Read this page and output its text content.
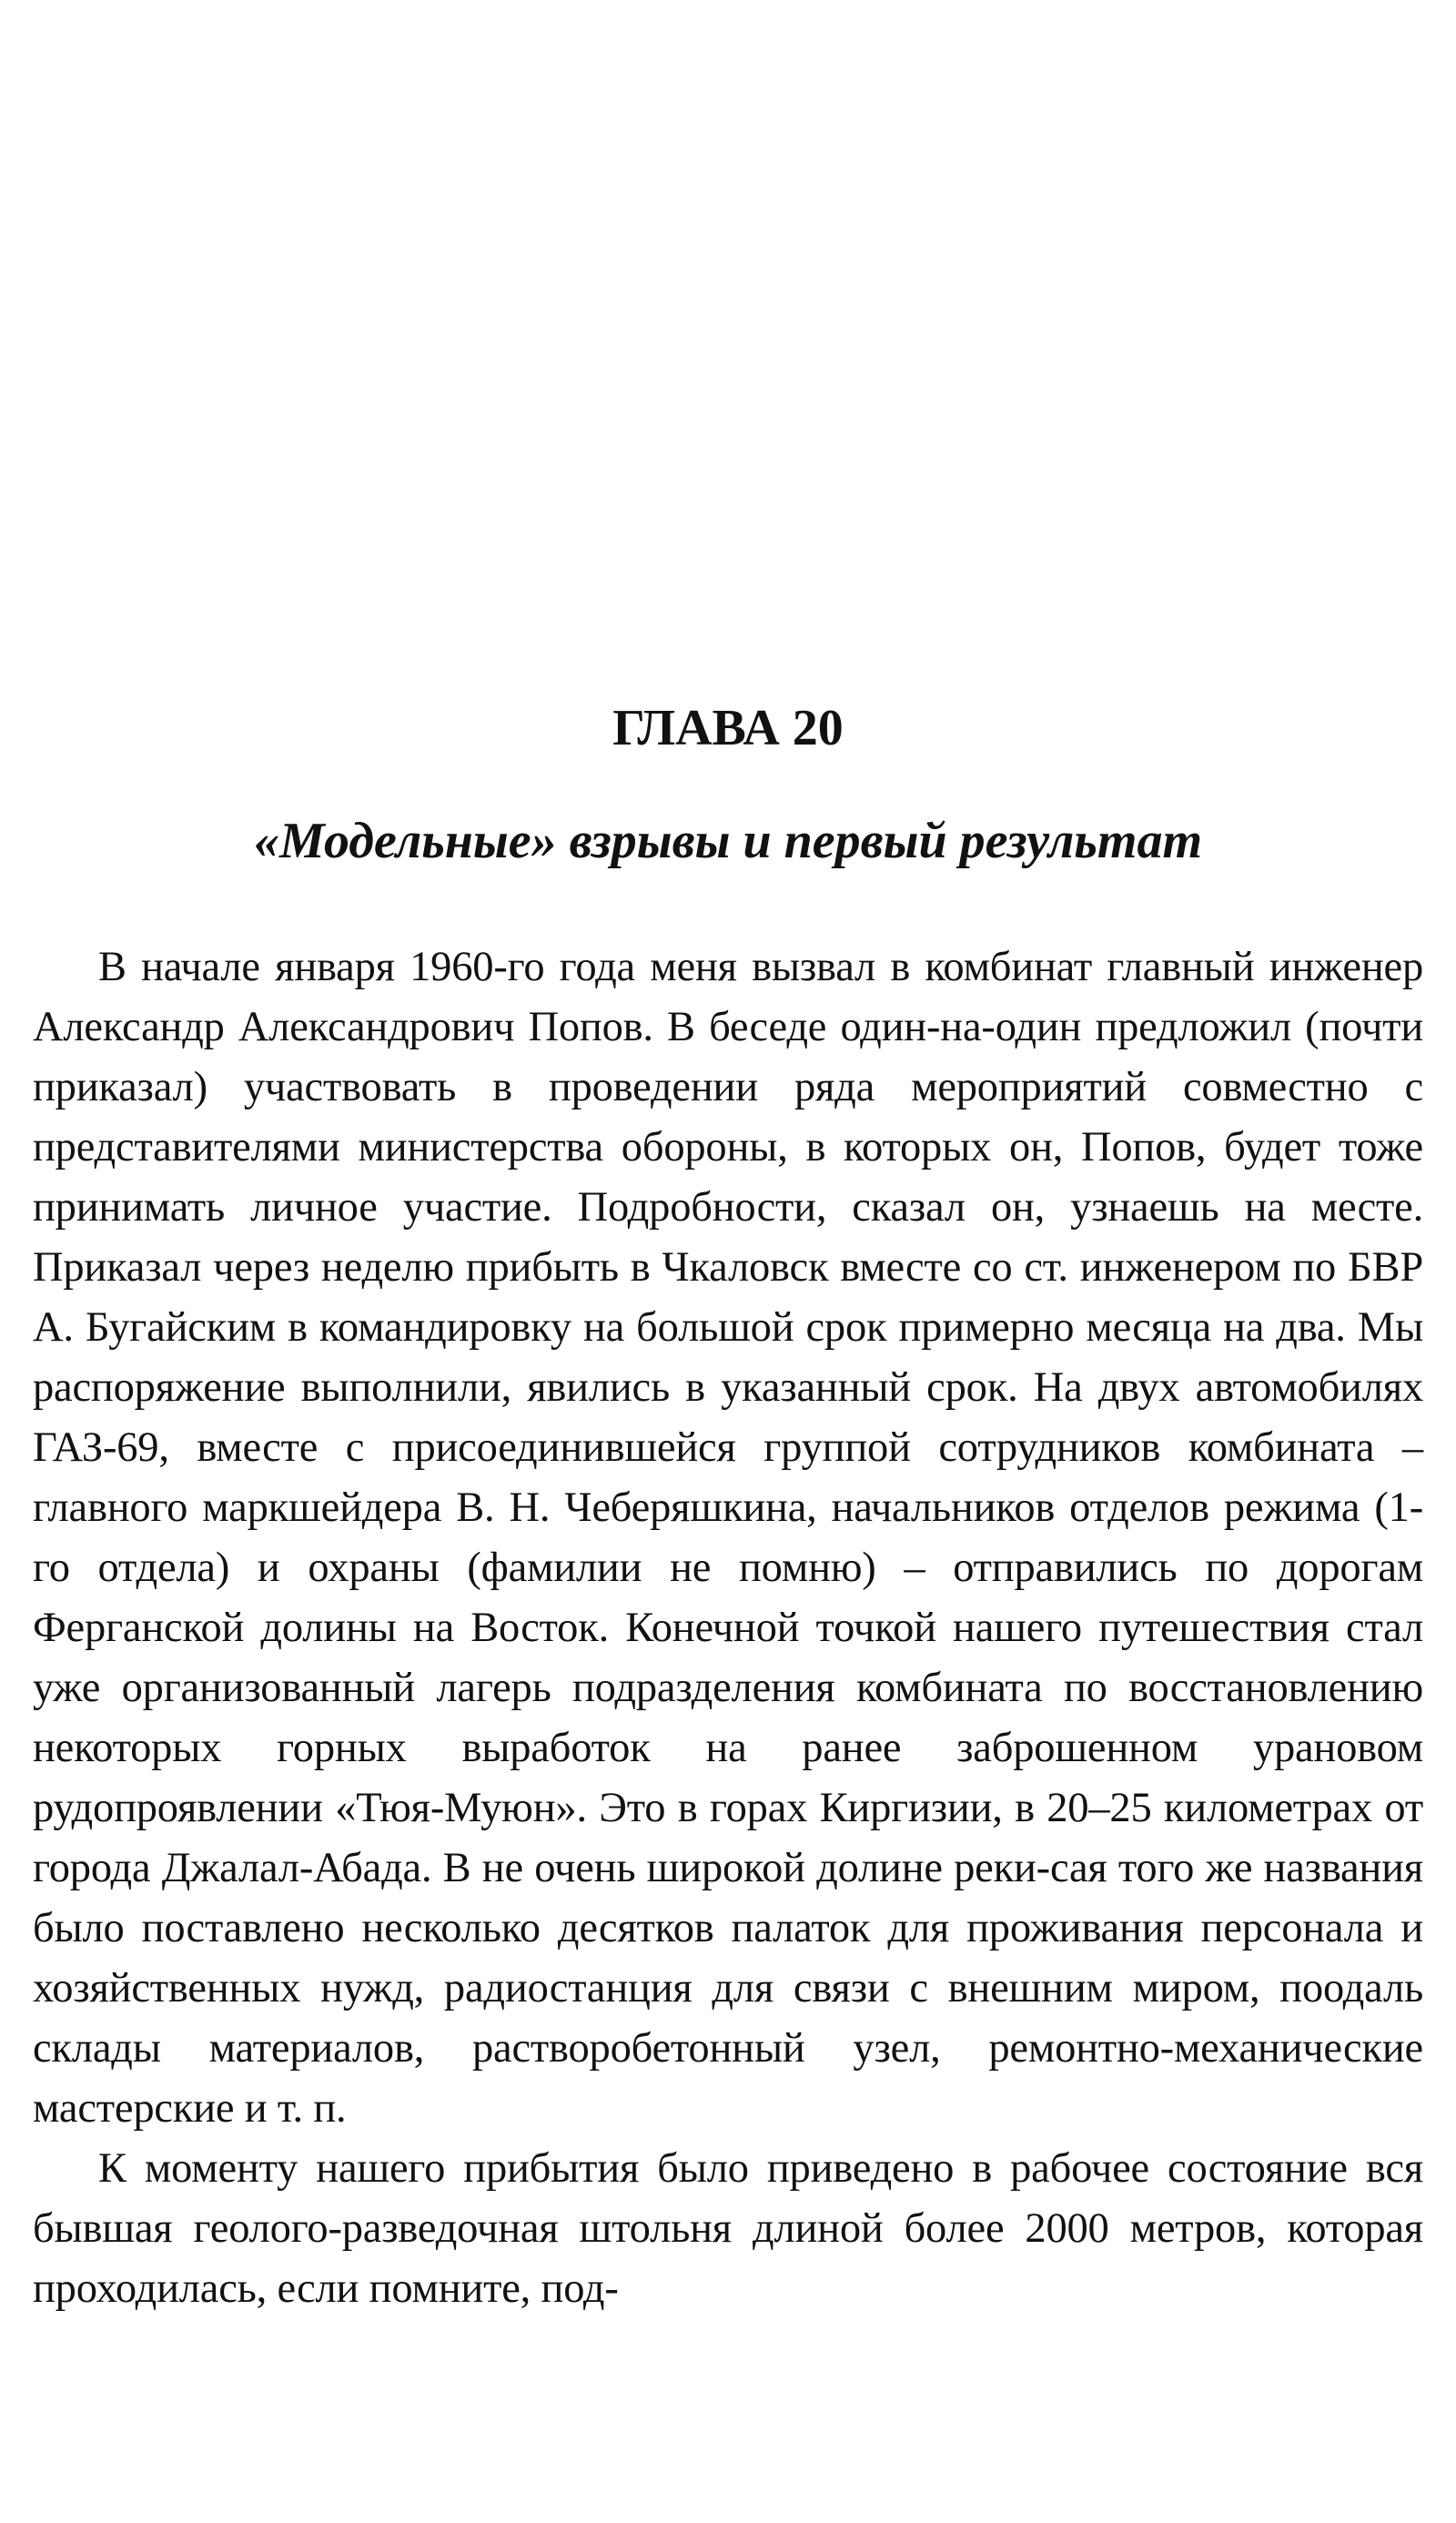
ГЛАВА 20
«Модельные» взрывы и первый результат

В начале января 1960-го года меня вызвал в комбинат главный инженер Александр Александрович Попов. В беседе один-на-один предложил (почти приказал) участвовать в проведении ряда мероприятий совместно с представителями министерства обороны, в которых он, Попов, будет тоже принимать личное участие. Подробности, сказал он, узнаешь на месте. Приказал через неделю прибыть в Чкаловск вместе со ст. инженером по БВР А. Бугайским в командировку на большой срок примерно месяца на два. Мы распоряжение выполнили, явились в указанный срок. На двух автомобилях ГАЗ-69, вместе с присоединившейся группой сотрудников комбината – главного маркшейдера В. Н. Чеберяшкина, начальников отделов режима (1-го отдела) и охраны (фамилии не помню) – отправились по дорогам Ферганской долины на Восток. Конечной точкой нашего путешествия стал уже организованный лагерь подразделения комбината по восстановлению некоторых горных выработок на ранее заброшенном урановом рудопроявлении «Тюя-Муюн». Это в горах Киргизии, в 20–25 километрах от города Джалал-Абада. В не очень широкой долине реки-сая того же названия было поставлено несколько десятков палаток для проживания персонала и хозяйственных нужд, радиостанция для связи с внешним миром, поодаль склады материалов, растворобетонный узел, ремонтно-механические мастерские и т. п.

К моменту нашего прибытия было приведено в рабочее состояние вся бывшая геолого-разведочная штольня длиной более 2000 метров, которая проходилась, если помните, под-
